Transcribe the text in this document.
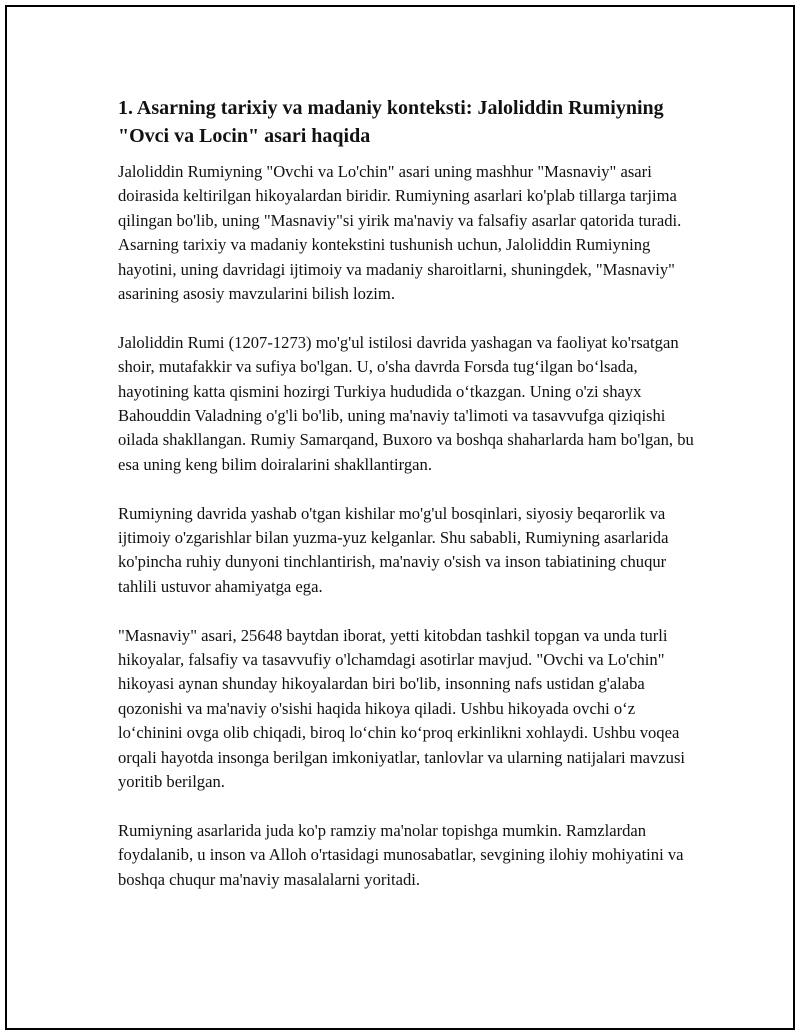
1. Asarning tarixiy va madaniy konteksti: Jaloliddin Rumiyning "Ovci va Locin" asari haqida

Jaloliddin Rumiyning "Ovchi va Lo'chin" asari uning mashhur "Masnaviy" asari doirasida keltirilgan hikoyalardan biridir. Rumiyning asarlari ko'plab tillarga tarjima qilingan bo'lib, uning "Masnaviy"si yirik ma'naviy va falsafiy asarlar qatorida turadi. Asarning tarixiy va madaniy kontekstini tushunish uchun, Jaloliddin Rumiyning hayotini, uning davridagi ijtimoiy va madaniy sharoitlarni, shuningdek, "Masnaviy" asarining asosiy mavzularini bilish lozim.

Jaloliddin Rumi (1207-1273) mo'g'ul istilosi davrida yashagan va faoliyat ko'rsatgan shoir, mutafakkir va sufiya bo'lgan. U, o'sha davrda Forsda tug‘ilgan bo‘lsada, hayotining katta qismini hozirgi Turkiya hududida o‘tkazgan. Uning o'zi shayx Bahouddin Valadning o'g'li bo'lib, uning ma'naviy ta'limoti va tasavvufga qiziqishi oilada shakllangan. Rumiy Samarqand, Buxoro va boshqa shaharlarda ham bo'lgan, bu esa uning keng bilim doiralarini shakllantirgan.

Rumiyning davrida yashab o'tgan kishilar mo'g'ul bosqinlari, siyosiy beqarorlik va ijtimoiy o'zgarishlar bilan yuzma-yuz kelganlar. Shu sababli, Rumiyning asarlarida ko'pincha ruhiy dunyoni tinchlantirish, ma'naviy o'sish va inson tabiatining chuqur tahlili ustuvor ahamiyatga ega.

"Masnaviy" asari, 25648 baytdan iborat, yetti kitobdan tashkil topgan va unda turli hikoyalar, falsafiy va tasavvufiy o'lchamdagi asotirlar mavjud. "Ovchi va Lo'chin" hikoyasi aynan shunday hikoyalardan biri bo'lib, insonning nafs ustidan g'alaba qozonishi va ma'naviy o'sishi haqida hikoya qiladi. Ushbu hikoyada ovchi o‘z lo‘chinini ovga olib chiqadi, biroq lo‘chin ko‘proq erkinlikni xohlaydi. Ushbu voqea orqali hayotda insonga berilgan imkoniyatlar, tanlovlar va ularning natijalari mavzusi yoritib berilgan.

Rumiyning asarlarida juda ko'p ramziy ma'nolar topishga mumkin. Ramzlardan foydalanib, u inson va Alloh o'rtasidagi munosabatlar, sevgining ilohiy mohiyatini va boshqa chuqur ma'naviy masalalarni yoritadi.
